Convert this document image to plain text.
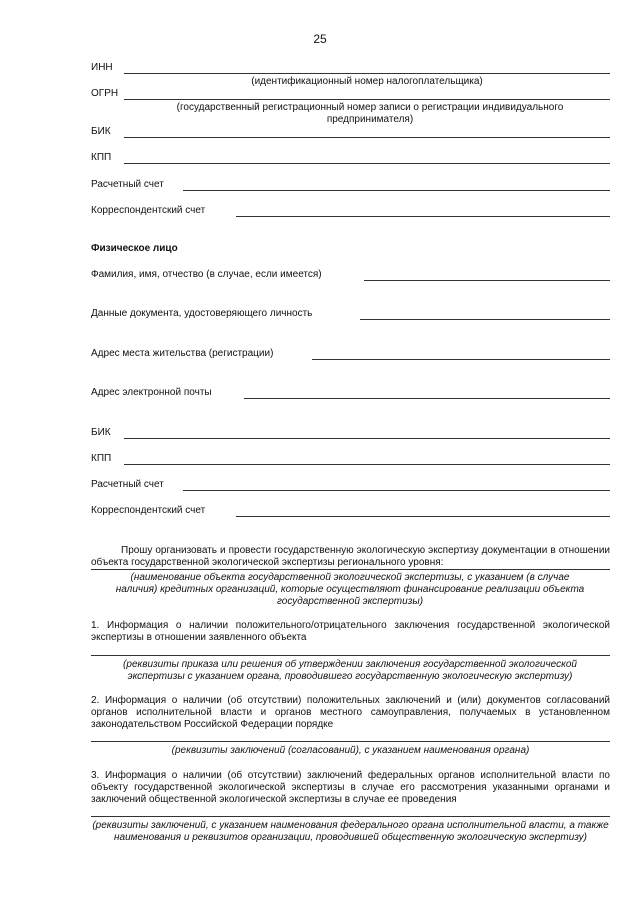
25
ИНН
(идентификационный номер налогоплательщика)
ОГРН
(государственный регистрационный номер записи о регистрации индивидуального предпринимателя)
БИК
КПП
Расчетный счет
Корреспондентский счет
Физическое лицо
Фамилия, имя, отчество (в случае, если имеется)
Данные документа, удостоверяющего личность
Адрес места жительства (регистрации)
Адрес электронной почты
БИК
КПП
Расчетный счет
Корреспондентский счет
Прошу организовать и провести государственную экологическую экспертизу документации в отношении объекта государственной экологической экспертизы регионального уровня:
(наименование объекта государственной экологической экспертизы, с указанием (в случае наличия) кредитных организаций, которые осуществляют финансирование реализации объекта государственной экспертизы)
1. Информация о наличии положительного/отрицательного заключения государственной экологической экспертизы в отношении заявленного объекта
(реквизиты приказа или решения об утверждении заключения государственной экологической экспертизы с указанием органа, проводившего государственную экологическую экспертизу)
2. Информация о наличии (об отсутствии) положительных заключений и (или) документов согласований органов исполнительной власти и органов местного самоуправления, получаемых в установленном законодательством Российской Федерации порядке
(реквизиты заключений (согласований), с указанием наименования органа)
3. Информация о наличии (об отсутствии) заключений федеральных органов исполнительной власти по объекту государственной экологической экспертизы в случае его рассмотрения указанными органами и заключений общественной экологической экспертизы в случае ее проведения
(реквизиты заключений, с указанием наименования федерального органа исполнительной власти, а также наименования и реквизитов организации, проводившей общественную экологическую экспертизу)
